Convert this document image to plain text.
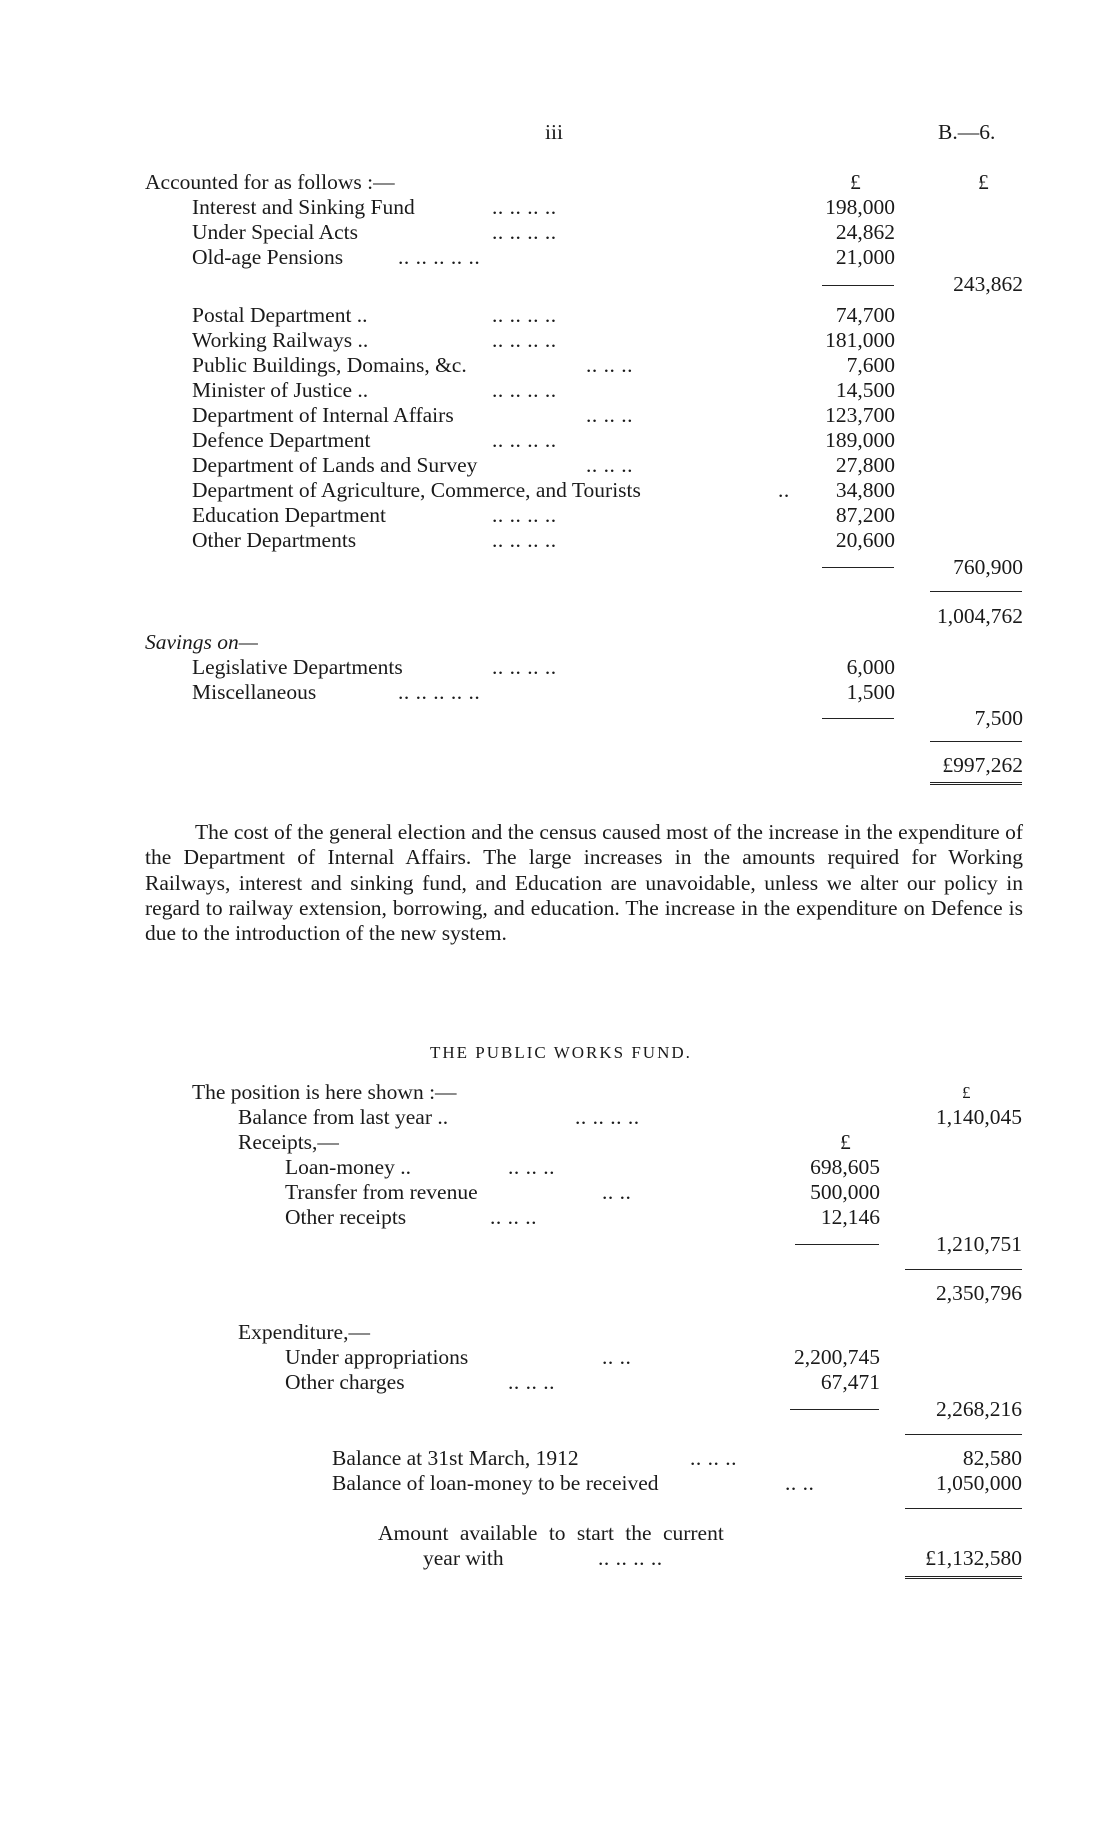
iii	B.—6.
Accounted for as follows :—	£	£
Interest and Sinking Fund	.. .. .. ..	198,000
Under Special Acts	.. .. .. ..	24,862
Old-age Pensions	.. .. .. .. ..	21,000
243,862
Postal Department ..	.. .. .. ..	74,700
Working Railways ..	.. .. .. ..	181,000
Public Buildings, Domains, &c.	.. .. ..	7,600
Minister of Justice ..	.. .. .. ..	14,500
Department of Internal Affairs	.. .. ..	123,700
Defence Department	.. .. .. ..	189,000
Department of Lands and Survey	.. .. ..	27,800
Department of Agriculture, Commerce, and Tourists	..	34,800
Education Department	.. .. .. ..	87,200
Other Departments	.. .. .. ..	20,600
760,900
1,004,762
Savings on—
Legislative Departments	.. .. .. ..	6,000
Miscellaneous	.. .. .. .. ..	1,500
7,500
£997,262
The cost of the general election and the census caused most of the increase in the expenditure of the Department of Internal Affairs. The large increases in the amounts required for Working Railways, interest and sinking fund, and Education are unavoidable, unless we alter our policy in regard to railway extension, borrowing, and education. The increase in the expenditure on Defence is due to the introduction of the new system.
THE PUBLIC WORKS FUND.
The position is here shown :—	£
Balance from last year ..	.. .. .. ..	1,140,045
Receipts,—	£
Loan-money ..	.. .. ..	698,605
Transfer from revenue	.. ..	500,000
Other receipts	.. .. ..	12,146
1,210,751
2,350,796
Expenditure,—
Under appropriations	.. ..	2,200,745
Other charges	.. .. ..	67,471
2,268,216
Balance at 31st March, 1912	.. .. ..	82,580
Balance of loan-money to be received	.. ..	1,050,000
Amount available to start the current
year with	.. .. .. ..	£1,132,580
